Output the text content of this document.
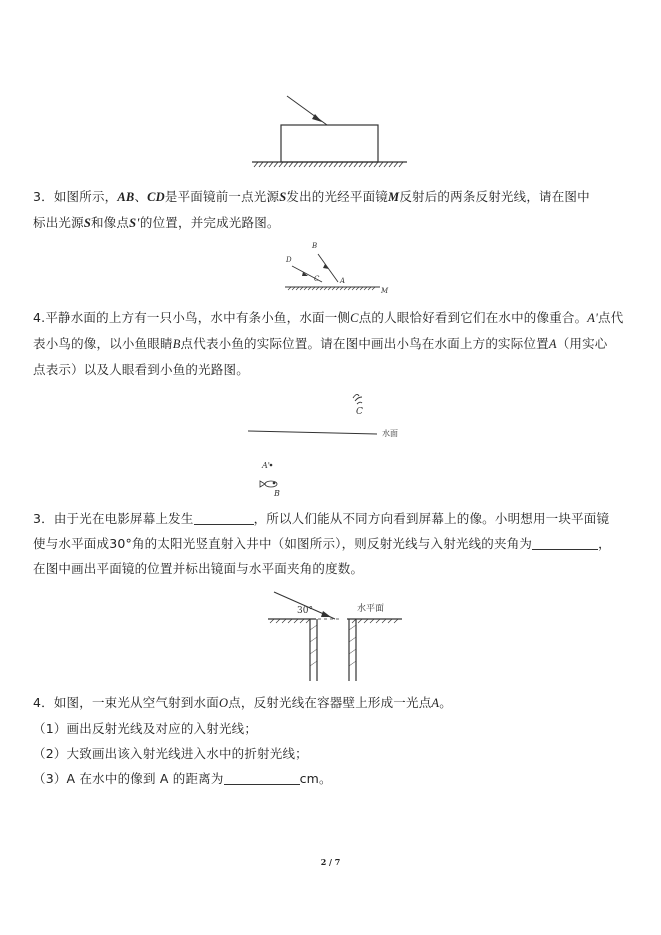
3．如图所示，AB、CD是平面镜前一点光源S发出的光经平面镜M反射后的两条反射光线，请在图中
标出光源S和像点S'的位置，并完成光路图。
B
D
C	A
M
4.平静水面的上方有一只小鸟，水中有条小鱼，水面一侧C点的人眼恰好看到它们在水中的像重合。A'点代
表小鸟的像，以小鱼眼睛B点代表小鱼的实际位置。请在图中画出小鸟在水面上方的实际位置A（用实心
点表示）以及人眼看到小鱼的光路图。
C
水面
A'
B
3．由于光在电影屏幕上发生	，所以人们能从不同方向看到屏幕上的像。小明想用一块平面镜
使与水平面成30°角的太阳光竖直射入井中（如图所示），则反射光线与入射光线的夹角为	，
在图中画出平面镜的位置并标出镜面与水平面夹角的度数。
30°	水平面
4．如图，一束光从空气射到水面O点，反射光线在容器壁上形成一光点A。
（1）画出反射光线及对应的入射光线；
（2）大致画出该入射光线进入水中的折射光线；
（3）A 在水中的像到 A 的距离为	cm。
2 / 7
